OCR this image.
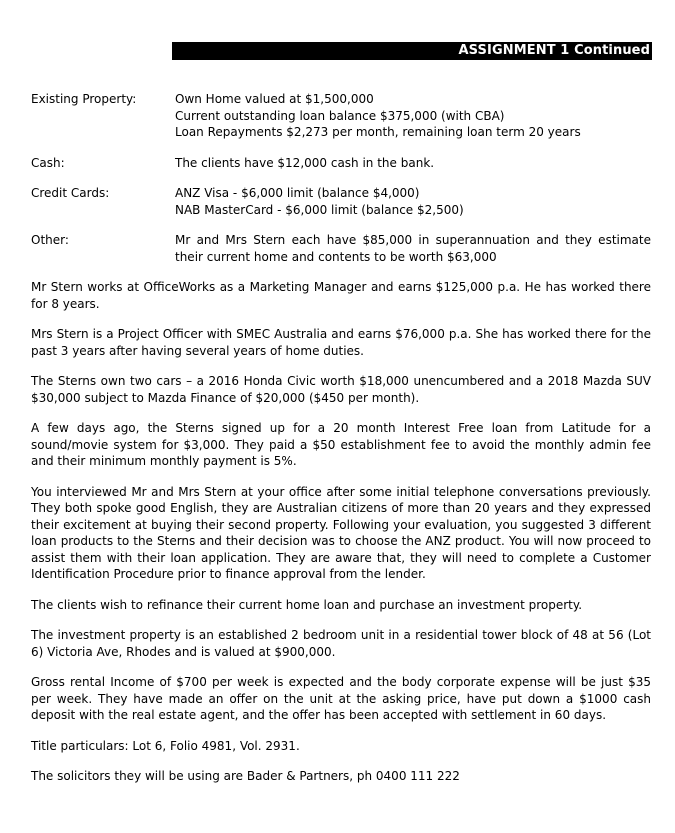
ASSIGNMENT 1 Continued
Existing Property:	Own Home valued at $1,500,000
Current outstanding loan balance $375,000 (with CBA)
Loan Repayments $2,273 per month, remaining loan term 20 years
Cash:	The clients have $12,000 cash in the bank.
Credit Cards:	ANZ Visa - $6,000 limit (balance $4,000)
NAB MasterCard - $6,000 limit (balance $2,500)
Other:	Mr and Mrs Stern each have $85,000 in superannuation and they estimate their current home and contents to be worth $63,000

Mr Stern works at OfficeWorks as a Marketing Manager and earns $125,000 p.a. He has worked there for 8 years.

Mrs Stern is a Project Officer with SMEC Australia and earns $76,000 p.a. She has worked there for the past 3 years after having several years of home duties.

The Sterns own two cars – a 2016 Honda Civic worth $18,000 unencumbered and a 2018 Mazda SUV $30,000 subject to Mazda Finance of $20,000 ($450 per month).

A few days ago, the Sterns signed up for a 20 month Interest Free loan from Latitude for a sound/movie system for $3,000. They paid a $50 establishment fee to avoid the monthly admin fee and their minimum monthly payment is 5%.

You interviewed Mr and Mrs Stern at your office after some initial telephone conversations previously. They both spoke good English, they are Australian citizens of more than 20 years and they expressed their excitement at buying their second property. Following your evaluation, you suggested 3 different loan products to the Sterns and their decision was to choose the ANZ product. You will now proceed to assist them with their loan application. They are aware that, they will need to complete a Customer Identification Procedure prior to finance approval from the lender.

The clients wish to refinance their current home loan and purchase an investment property.

The investment property is an established 2 bedroom unit in a residential tower block of 48 at 56 (Lot 6) Victoria Ave, Rhodes and is valued at $900,000.

Gross rental Income of $700 per week is expected and the body corporate expense will be just $35 per week. They have made an offer on the unit at the asking price, have put down a $1000 cash deposit with the real estate agent, and the offer has been accepted with settlement in 60 days.

Title particulars: Lot 6, Folio 4981, Vol. 2931.

The solicitors they will be using are Bader & Partners, ph 0400 111 222
